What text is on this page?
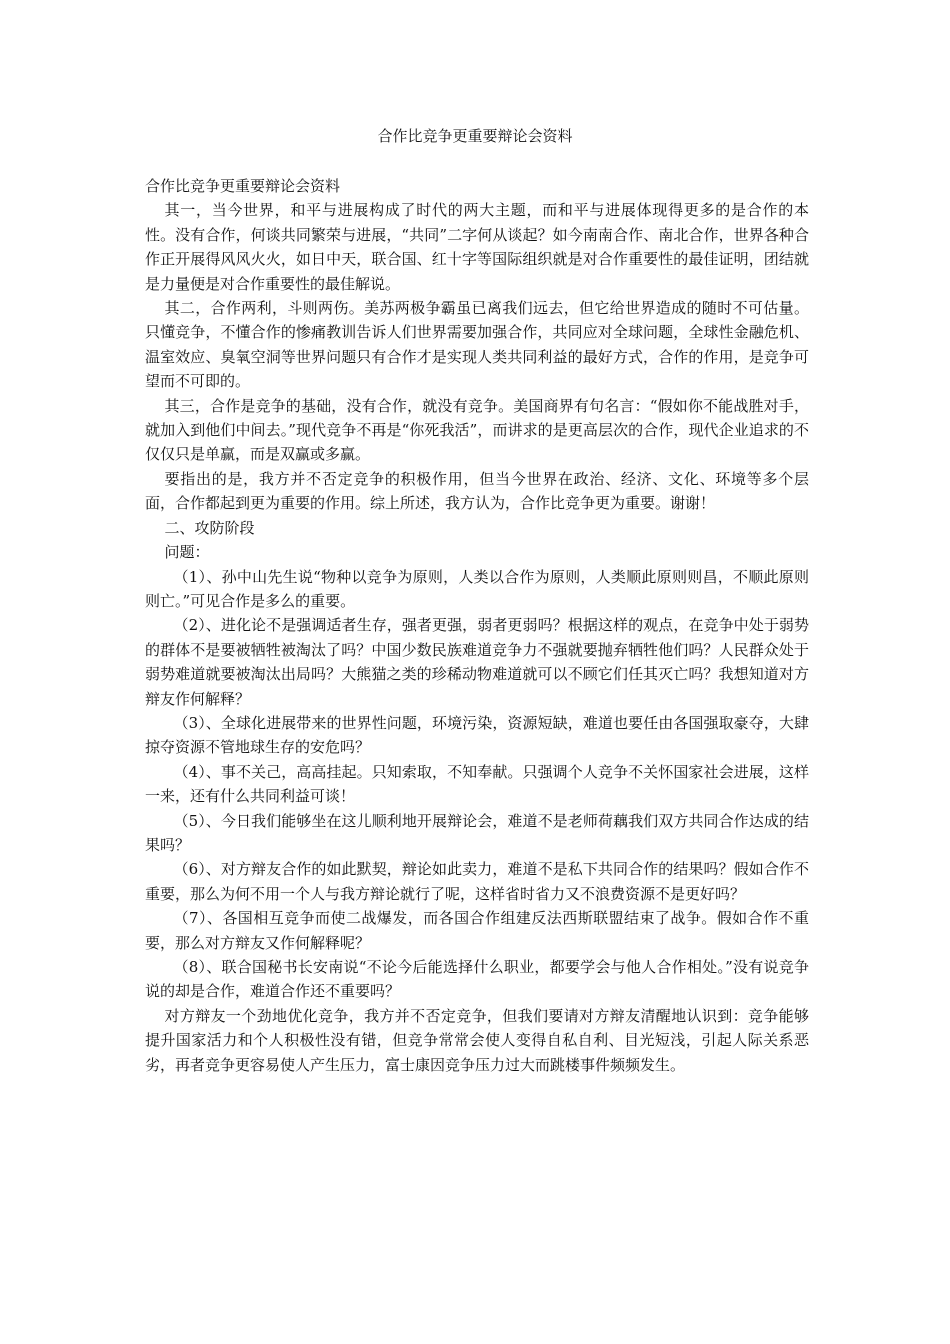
合作比竞争更重要辩论会资料

合作比竞争更重要辩论会资料

其一，当今世界，和平与进展构成了时代的两大主题，而和平与进展体现得更多的是合作的本性。没有合作，何谈共同繁荣与进展，“共同”二字何从谈起？如今南南合作、南北合作，世界各种合作正开展得风风火火，如日中天，联合国、红十字等国际组织就是对合作重要性的最佳证明，团结就是力量便是对合作重要性的最佳解说。

其二，合作两利，斗则两伤。美苏两极争霸虽已离我们远去，但它给世界造成的随时不可估量。只懂竞争，不懂合作的惨痛教训告诉人们世界需要加强合作，共同应对全球问题，全球性金融危机、温室效应、臭氧空洞等世界问题只有合作才是实现人类共同利益的最好方式，合作的作用，是竞争可望而不可即的。

其三，合作是竞争的基础，没有合作，就没有竞争。美国商界有句名言：“假如你不能战胜对手，就加入到他们中间去。”现代竞争不再是“你死我活”，而讲求的是更高层次的合作，现代企业追求的不仅仅只是单赢，而是双赢或多赢。

要指出的是，我方并不否定竞争的积极作用，但当今世界在政治、经济、文化、环境等多个层面，合作都起到更为重要的作用。综上所述，我方认为，合作比竞争更为重要。谢谢！

二、攻防阶段

问题：

（1）、孙中山先生说“物种以竞争为原则，人类以合作为原则，人类顺此原则则昌，不顺此原则则亡。”可见合作是多么的重要。

（2）、进化论不是强调适者生存，强者更强，弱者更弱吗？根据这样的观点，在竞争中处于弱势的群体不是要被牺牲被淘汰了吗？中国少数民族难道竞争力不强就要抛弃牺牲他们吗？人民群众处于弱势难道就要被淘汰出局吗？大熊猫之类的珍稀动物难道就可以不顾它们任其灭亡吗？我想知道对方辩友作何解释？

（3）、全球化进展带来的世界性问题，环境污染，资源短缺，难道也要任由各国强取豪夺，大肆掠夺资源不管地球生存的安危吗？

（4）、事不关己，高高挂起。只知索取，不知奉献。只强调个人竞争不关怀国家社会进展，这样一来，还有什么共同利益可谈！

（5）、今日我们能够坐在这儿顺利地开展辩论会，难道不是老师荷藕我们双方共同合作达成的结果吗？

（6）、对方辩友合作的如此默契，辩论如此卖力，难道不是私下共同合作的结果吗？假如合作不重要，那么为何不用一个人与我方辩论就行了呢，这样省时省力又不浪费资源不是更好吗？

（7）、各国相互竞争而使二战爆发，而各国合作组建反法西斯联盟结束了战争。假如合作不重要，那么对方辩友又作何解释呢？

（8）、联合国秘书长安南说“不论今后能选择什么职业，都要学会与他人合作相处。”没有说竞争说的却是合作，难道合作还不重要吗？

对方辩友一个劲地优化竞争，我方并不否定竞争，但我们要请对方辩友清醒地认识到：竞争能够提升国家活力和个人积极性没有错，但竞争常常会使人变得自私自利、目光短浅，引起人际关系恶劣，再者竞争更容易使人产生压力，富士康因竞争压力过大而跳楼事件频频发生。
